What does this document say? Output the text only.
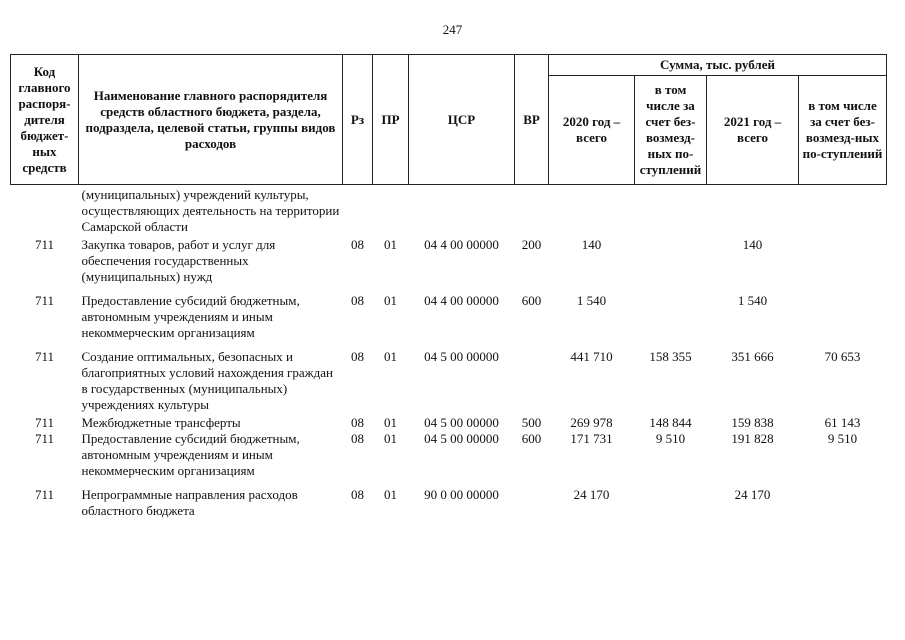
247
Код главного распоря-дителя бюджет-ных средств	Наименование главного распорядителя средств областного бюджета, раздела, подраздела, целевой статьи, группы видов расходов	Рз	ПР	ЦСР	ВР	Сумма, тыс. рублей			
						2020 год – всего	в том числе за счет без-возмезд-ных по-ступлений	2021 год – всего	в том числе за счет без-возмезд-ных по-ступлений
	(муниципальных) учреждений культуры, осуществляющих деятельность на территории Самарской области								
711	Закупка товаров, работ и услуг для обеспечения государственных (муниципальных) нужд	08	01	04 4 00 00000	200	140		140	
711	Предоставление субсидий бюджетным, автономным учреждениям и иным некоммерческим организациям	08	01	04 4 00 00000	600	1 540		1 540	
711	Создание оптимальных, безопасных и благоприятных условий нахождения граждан в государственных (муниципальных) учреждениях культуры	08	01	04 5 00 00000		441 710	158 355	351 666	70 653
711	Межбюджетные трансферты	08	01	04 5 00 00000	500	269 978	148 844	159 838	61 143
711	Предоставление субсидий бюджетным, автономным учреждениям и иным некоммерческим организациям	08	01	04 5 00 00000	600	171 731	9 510	191 828	9 510
711	Непрограммные направления расходов областного бюджета	08	01	90 0 00 00000		24 170		24 170	
